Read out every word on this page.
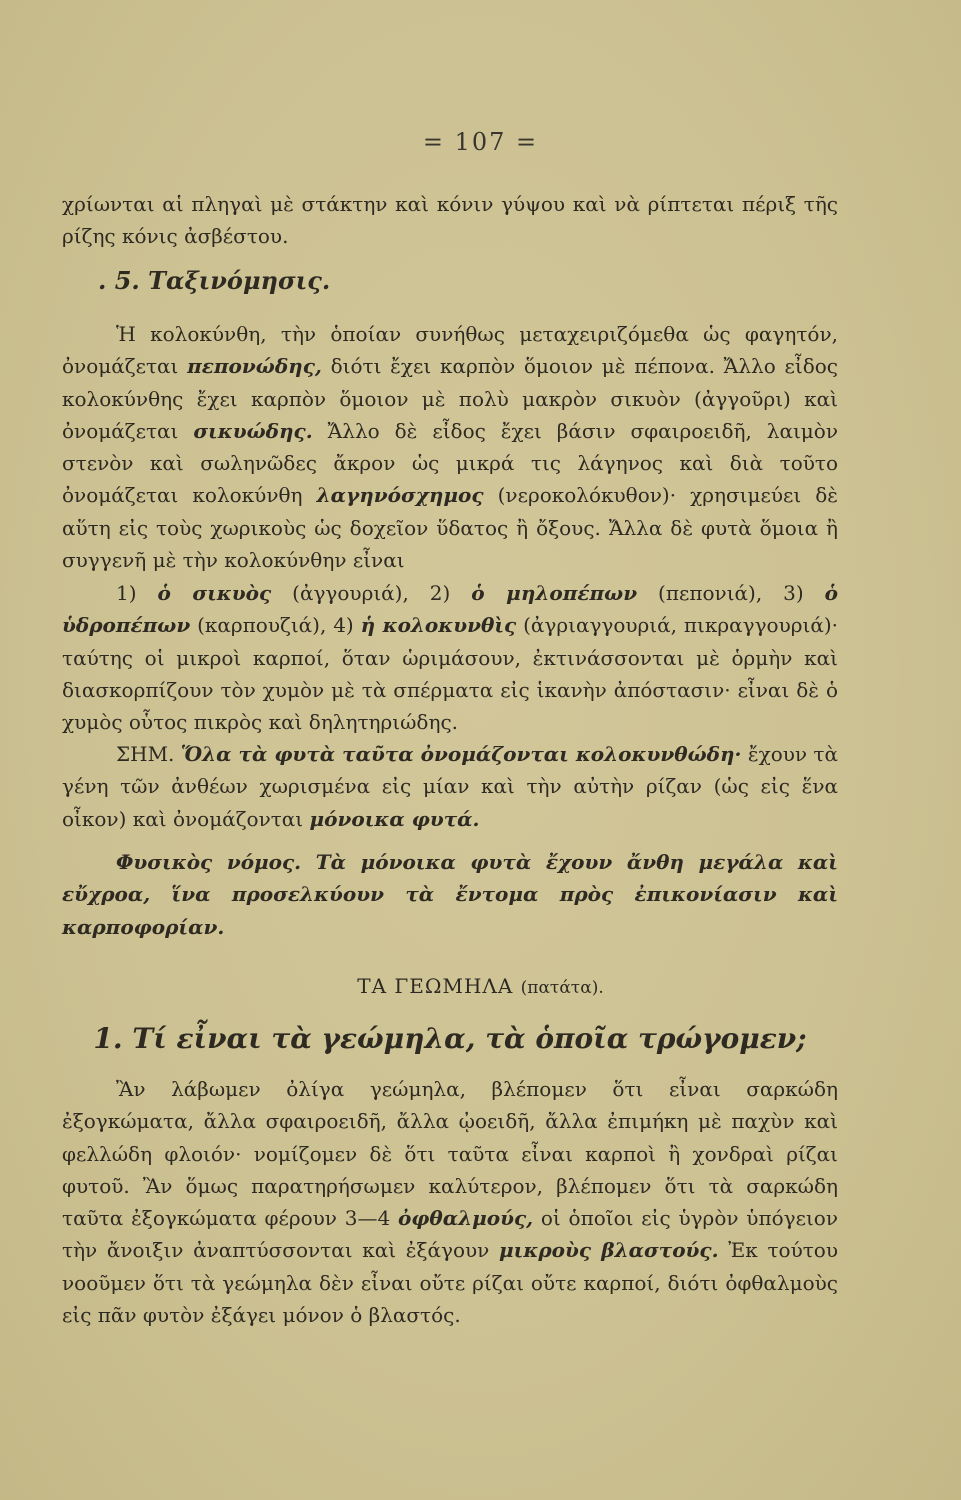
= 107 =

χρίωνται αἱ πληγαὶ μὲ στάκτην καὶ κόνιν γύψου καὶ νὰ ρίπτεται πέριξ τῆς ρίζης κόνις ἀσβέστου.

. 5. Ταξινόμησις.

Ἡ κολοκύνθη, τὴν ὁποίαν συνήθως μεταχειριζόμεθα ὡς φαγητόν, ὀνομάζεται πεπονώδης, διότι ἔχει καρπὸν ὅμοιον μὲ πέπονα. Ἄλλο εἶδος κολοκύνθης ἔχει καρπὸν ὅμοιον μὲ πολὺ μακρὸν σικυὸν (ἀγγοῦρι) καὶ ὀνομάζεται σικυώδης. Ἄλλο δὲ εἶδος ἔχει βάσιν σφαιροειδῆ, λαιμὸν στενὸν καὶ σωληνῶδες ἄκρον ὡς μικρά τις λάγηνος καὶ διὰ τοῦτο ὀνομάζεται κολοκύνθη λαγηνόσχημος (νεροκολόκυθον)· χρησιμεύει δὲ αὕτη εἰς τοὺς χωρικοὺς ὡς δοχεῖον ὕδατος ἢ ὄξους. Ἄλλα δὲ φυτὰ ὅμοια ἢ συγγενῆ μὲ τὴν κολοκύνθην εἶναι

1) ὁ σικυὸς (ἀγγουριά), 2) ὁ μηλοπέπων (πεπονιά), 3) ὁ ὑδροπέπων (καρπουζιά), 4) ἡ κολοκυνθὶς (ἀγριαγγουριά, πικραγγουριά)· ταύτης οἱ μικροὶ καρποί, ὅταν ὡριμάσουν, ἐκτινάσσονται μὲ ὁρμὴν καὶ διασκορπίζουν τὸν χυμὸν μὲ τὰ σπέρματα εἰς ἱκανὴν ἀπόστασιν· εἶναι δὲ ὁ χυμὸς οὗτος πικρὸς καὶ δηλητηριώδης.

ΣΗΜ. Ὅλα τὰ φυτὰ ταῦτα ὀνομάζονται κολοκυνθώδη· ἔχουν τὰ γένη τῶν ἀνθέων χωρισμένα εἰς μίαν καὶ τὴν αὐτὴν ρίζαν (ὡς εἰς ἕνα οἶκον) καὶ ὀνομάζονται μόνοικα φυτά.

Φυσικὸς νόμος. Τὰ μόνοικα φυτὰ ἔχουν ἄνθη μεγάλα καὶ εὔχροα, ἵνα προσελκύουν τὰ ἔντομα πρὸς ἐπικονίασιν καὶ καρποφορίαν.

ΤΑ ΓΕΩΜΗΛΑ (πατάτα).
1. Τί εἶναι τὰ γεώμηλα, τὰ ὁποῖα τρώγομεν;

Ἂν λάβωμεν ὀλίγα γεώμηλα, βλέπομεν ὅτι εἶναι σαρκώδη ἐξογκώματα, ἄλλα σφαιροειδῆ, ἄλλα ᾠοειδῆ, ἄλλα ἐπιμήκη μὲ παχὺν καὶ φελλώδη φλοιόν· νομίζομεν δὲ ὅτι ταῦτα εἶναι καρποὶ ἢ χονδραὶ ρίζαι φυτοῦ. Ἂν ὅμως παρατηρήσωμεν καλύτερον, βλέπομεν ὅτι τὰ σαρκώδη ταῦτα ἐξογκώματα φέρουν 3—4 ὀφθαλμούς, οἱ ὁποῖοι εἰς ὑγρὸν ὑπόγειον τὴν ἄνοιξιν ἀναπτύσσονται καὶ ἐξάγουν μικροὺς βλαστούς. Ἐκ τούτου νοοῦμεν ὅτι τὰ γεώμηλα δὲν εἶναι οὔτε ρίζαι οὔτε καρποί, διότι ὀφθαλμοὺς εἰς πᾶν φυτὸν ἐξάγει μόνον ὁ βλαστός.
